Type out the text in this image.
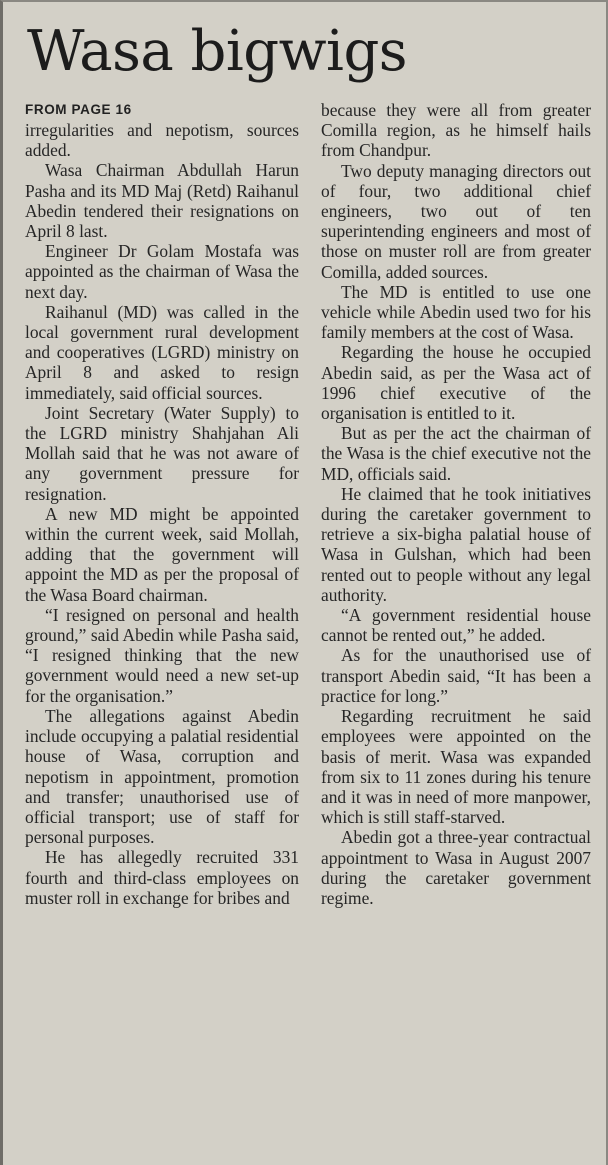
Wasa bigwigs
FROM PAGE 16

irregularities and nepotism, sources added.

Wasa Chairman Abdullah Harun Pasha and its MD Maj (Retd) Raihanul Abedin tendered their resignations on April 8 last.

Engineer Dr Golam Mostafa was appointed as the chairman of Wasa the next day.

Raihanul (MD) was called in the local government rural development and cooperatives (LGRD) ministry on April 8 and asked to resign immediately, said official sources.

Joint Secretary (Water Supply) to the LGRD ministry Shahjahan Ali Mollah said that he was not aware of any government pressure for resignation.

A new MD might be appointed within the current week, said Mollah, adding that the government will appoint the MD as per the proposal of the Wasa Board chairman.

“I resigned on personal and health ground,” said Abedin while Pasha said, “I resigned thinking that the new government would need a new set-up for the organisation.”

The allegations against Abedin include occupying a palatial residential house of Wasa, corruption and nepotism in appointment, promotion and transfer; unauthorised use of official transport; use of staff for personal purposes.

He has allegedly recruited 331 fourth and third-class employees on muster roll in exchange for bribes and

because they were all from greater Comilla region, as he himself hails from Chandpur.

Two deputy managing directors out of four, two additional chief engineers, two out of ten superintending engineers and most of those on muster roll are from greater Comilla, added sources.

The MD is entitled to use one vehicle while Abedin used two for his family members at the cost of Wasa.

Regarding the house he occupied Abedin said, as per the Wasa act of 1996 chief executive of the organisation is entitled to it.

But as per the act the chairman of the Wasa is the chief executive not the MD, officials said.

He claimed that he took initiatives during the caretaker government to retrieve a six-bigha palatial house of Wasa in Gulshan, which had been rented out to people without any legal authority.

“A government residential house cannot be rented out,” he added.

As for the unauthorised use of transport Abedin said, “It has been a practice for long.”

Regarding recruitment he said employees were appointed on the basis of merit. Wasa was expanded from six to 11 zones during his tenure and it was in need of more manpower, which is still staff-starved.

Abedin got a three-year contractual appointment to Wasa in August 2007 during the caretaker government regime.
